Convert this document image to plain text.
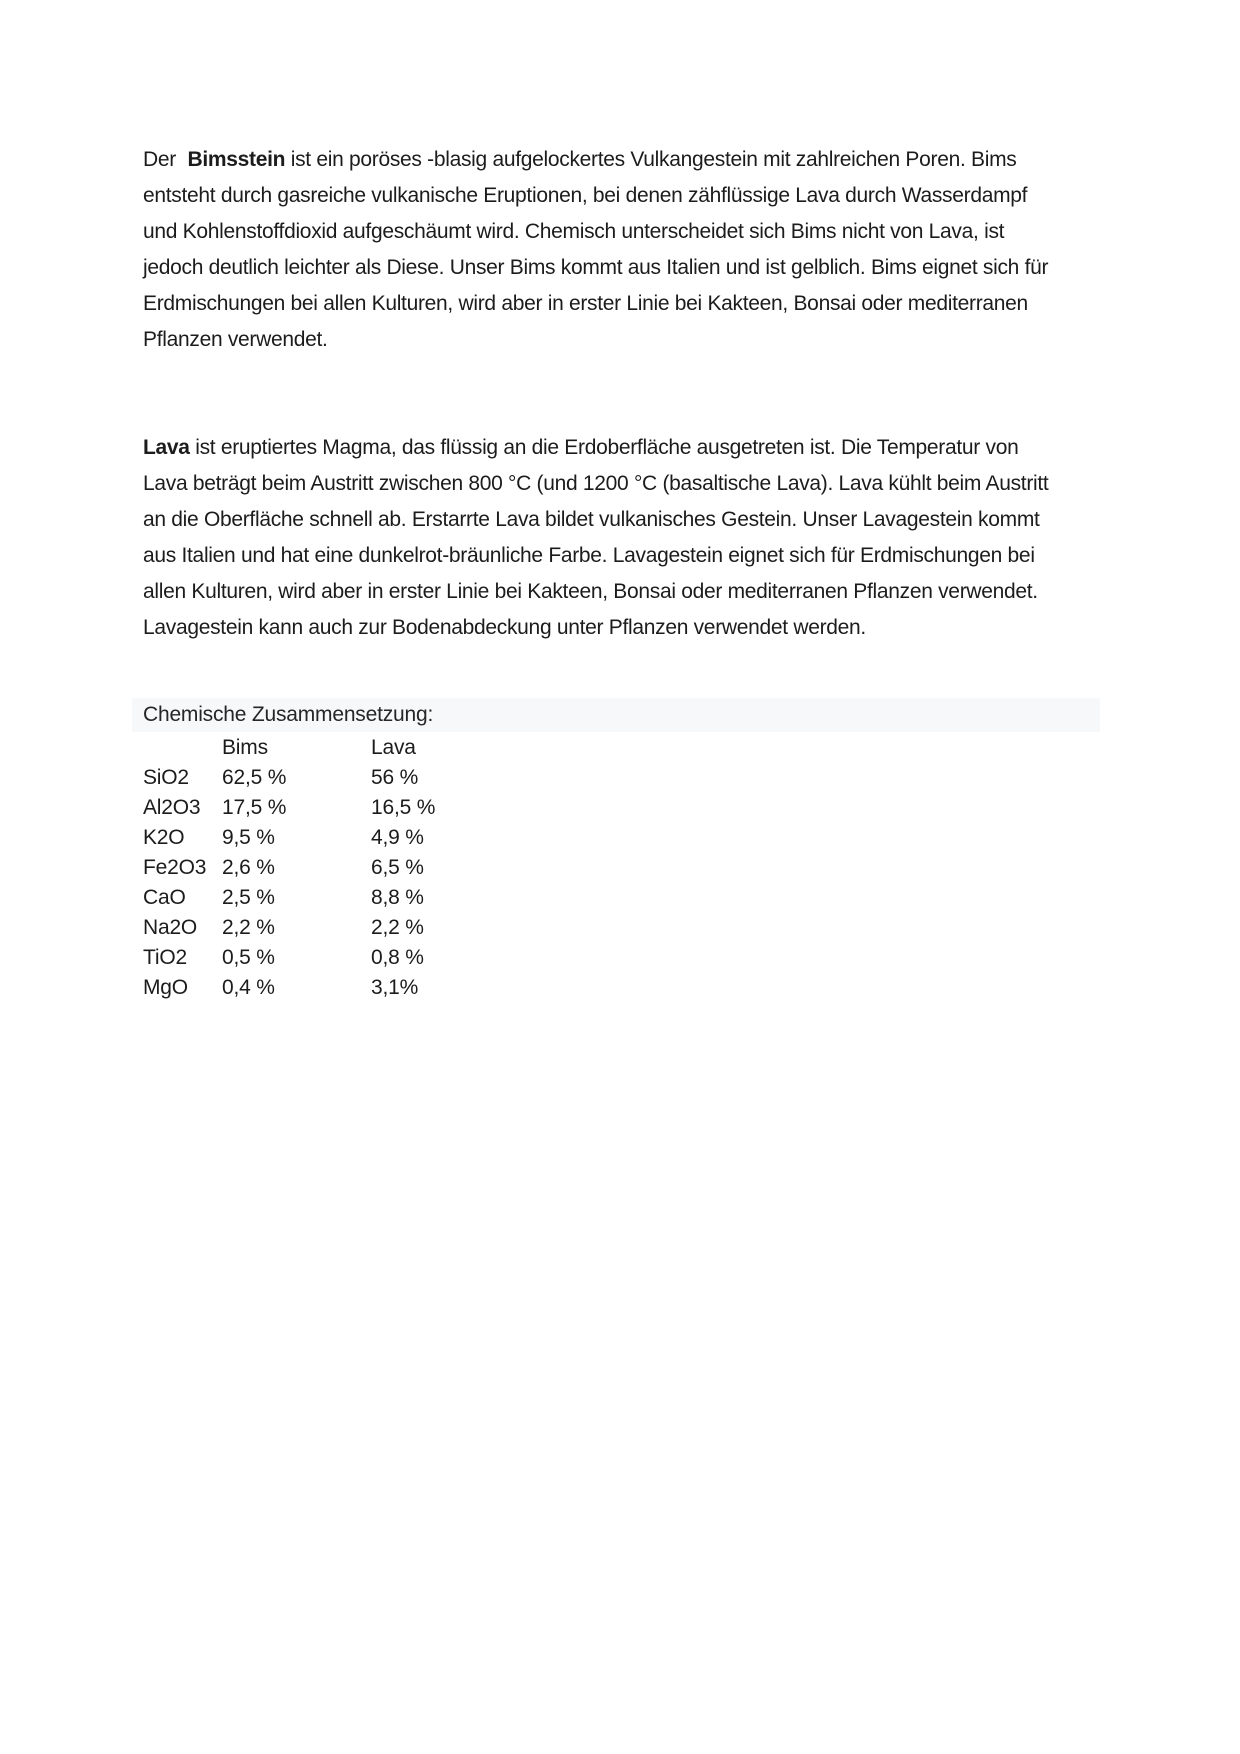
Der Bimsstein ist ein poröses -blasig aufgelockertes Vulkangestein mit zahlreichen Poren. Bims entsteht durch gasreiche vulkanische Eruptionen, bei denen zähflüssige Lava durch Wasserdampf und Kohlenstoffdioxid aufgeschäumt wird. Chemisch unterscheidet sich Bims nicht von Lava, ist jedoch deutlich leichter als Diese. Unser Bims kommt aus Italien und ist gelblich. Bims eignet sich für Erdmischungen bei allen Kulturen, wird aber in erster Linie bei Kakteen, Bonsai oder mediterranen Pflanzen verwendet.

Lava ist eruptiertes Magma, das flüssig an die Erdoberfläche ausgetreten ist. Die Temperatur von Lava beträgt beim Austritt zwischen 800 °C (und 1200 °C (basaltische Lava). Lava kühlt beim Austritt an die Oberfläche schnell ab. Erstarrte Lava bildet vulkanisches Gestein. Unser Lavagestein kommt aus Italien und hat eine dunkelrot-bräunliche Farbe. Lavagestein eignet sich für Erdmischungen bei allen Kulturen, wird aber in erster Linie bei Kakteen, Bonsai oder mediterranen Pflanzen verwendet. Lavagestein kann auch zur Bodenabdeckung unter Pflanzen verwendet werden.

Chemische Zusammensetzung:
	Bims	Lava
SiO2	62,5 %	56 %
Al2O3	17,5 %	16,5 %
K2O	9,5 %	4,9 %
Fe2O3	2,6 %	6,5 %
CaO	2,5 %	8,8 %
Na2O	2,2 %	2,2 %
TiO2	0,5 %	0,8 %
MgO	0,4 %	3,1%
